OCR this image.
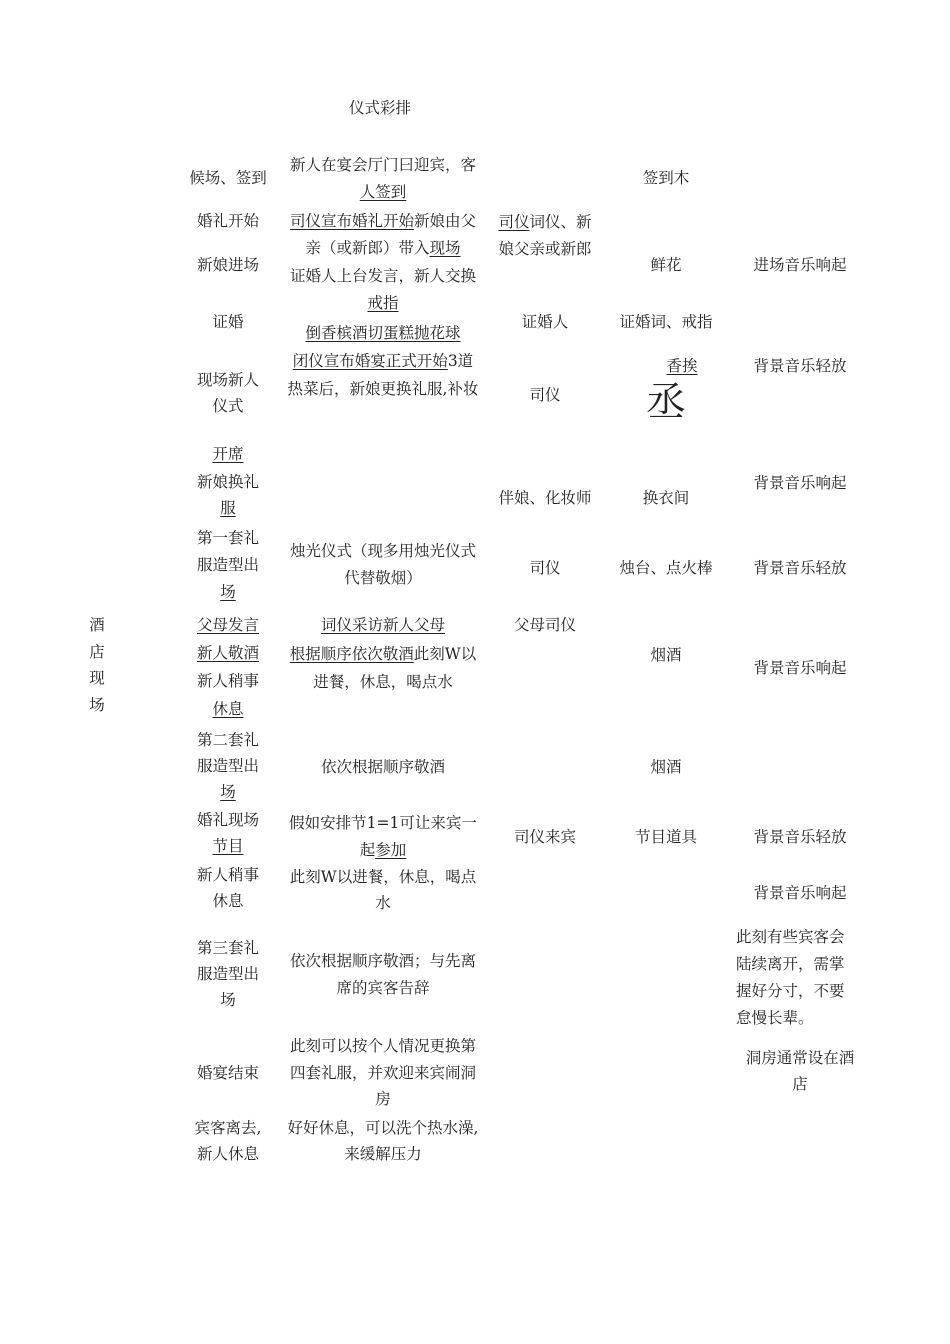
仪式彩排
酒
店
现
场
候场、签到
婚礼开始
新娘进场
证婚
现场新人
仪式
开席
新娘换礼
服
第一套礼
服造型出
场
父母发言
新人敬酒
新人稍事
休息
第二套礼
服造型出
场
婚礼现场
节目
新人稍事
休息
第三套礼
服造型出
场
婚宴结束
宾客离去,
新人休息
新人在宴会厅门曰迎宾，客
人签到
司仪宣布婚礼开始新娘由父
亲（或新郎）带入现场
证婚人上台发言，新人交换
戒指
倒香槟酒切蛋糕抛花球
闭仪宣布婚宴正式开始3道
热菜后，新娘更换礼服,补妆
烛光仪式（现多用烛光仪式
代替敬烟）
词仪采访新人父母
根据顺序依次敬酒此刻W以
进餐，休息，喝点水
依次根据顺序敬酒
假如安排节1=1可让来宾一
起参加
此刻W以进餐，休息，喝点
水
依次根据顺序敬酒；与先离
席的宾客告辞
此刻可以按个人情况更换第
四套礼服，并欢迎来宾闹洞
房
好好休息，可以洗个热水澡,
来缓解压力
司仪词仪、新
娘父亲或新郎
证婚人
司仪
伴娘、化妆师
司仪
父母司仪
司仪来宾
签到木
鲜花
证婚词、戒指
香挨
丞
换衣间
烛台、点火棒
烟酒
烟酒
节目道具
进场音乐响起
背景音乐轻放
背景音乐响起
背景音乐轻放
背景音乐响起
背景音乐轻放
背景音乐响起
此刻有些宾客会
陆续离开，需掌
握好分寸，不要
怠慢长辈。
洞房通常设在酒
店
